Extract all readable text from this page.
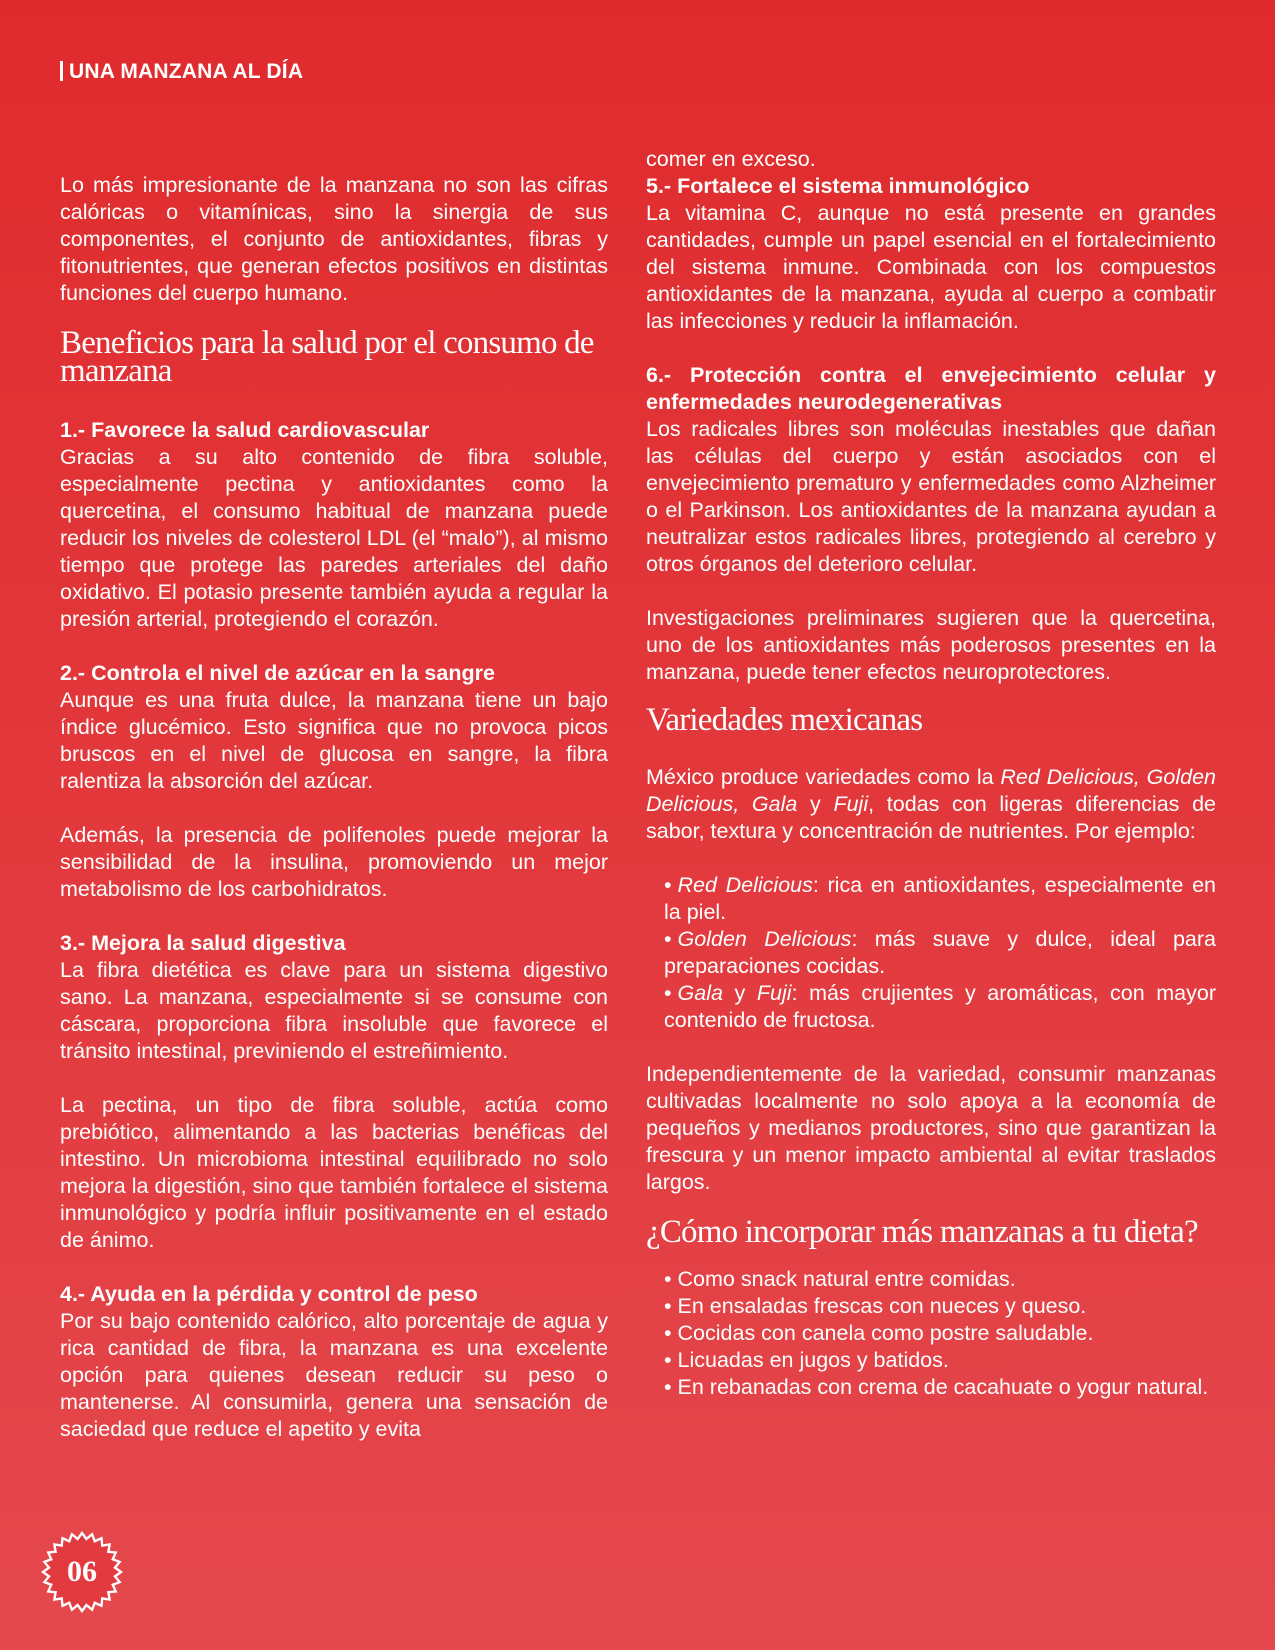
UNA MANZANA AL DÍA

Lo más impresionante de la manzana no son las cifras calóricas o vitamínicas, sino la sinergia de sus componentes, el conjunto de antioxidantes, fibras y fitonutrientes, que generan efectos positivos en distintas funciones del cuerpo humano.

Beneficios para la salud por el consumo de manzana
1.- Favorece la salud cardiovascular

Gracias a su alto contenido de fibra soluble, especialmente pectina y antioxidantes como la quercetina, el consumo habitual de manzana puede reducir los niveles de colesterol LDL (el “malo”), al mismo tiempo que protege las paredes arteriales del daño oxidativo. El potasio presente también ayuda a regular la presión arterial, protegiendo el corazón.

2.- Controla el nivel de azúcar en la sangre

Aunque es una fruta dulce, la manzana tiene un bajo índice glucémico. Esto significa que no provoca picos bruscos en el nivel de glucosa en sangre, la fibra ralentiza la absorción del azúcar.

Además, la presencia de polifenoles puede mejorar la sensibilidad de la insulina, promoviendo un mejor metabolismo de los carbohidratos.

3.- Mejora la salud digestiva

La fibra dietética es clave para un sistema digestivo sano. La manzana, especialmente si se consume con cáscara, proporciona fibra insoluble que favorece el tránsito intestinal, previniendo el estreñimiento.

La pectina, un tipo de fibra soluble, actúa como prebiótico, alimentando a las bacterias benéficas del intestino. Un microbioma intestinal equilibrado no solo mejora la digestión, sino que también fortalece el sistema inmunológico y podría influir positivamente en el estado de ánimo.

4.- Ayuda en la pérdida y control de peso

Por su bajo contenido calórico, alto porcentaje de agua y rica cantidad de fibra, la manzana es una excelente opción para quienes desean reducir su peso o mantenerse. Al consumirla, genera una sensación de saciedad que reduce el apetito y evita

comer en exceso.

5.- Fortalece el sistema inmunológico

La vitamina C, aunque no está presente en grandes cantidades, cumple un papel esencial en el fortalecimiento del sistema inmune. Combinada con los compuestos antioxidantes de la manzana, ayuda al cuerpo a combatir las infecciones y reducir la inflamación.

6.- Protección contra el envejecimiento celular y enfermedades neurodegenerativas

Los radicales libres son moléculas inestables que dañan las células del cuerpo y están asociados con el envejecimiento prematuro y enfermedades como Alzheimer o el Parkinson. Los antioxidantes de la manzana ayudan a neutralizar estos radicales libres, protegiendo al cerebro y otros órganos del deterioro celular.

Investigaciones preliminares sugieren que la quercetina, uno de los antioxidantes más poderosos presentes en la manzana, puede tener efectos neuroprotectores.

Variedades mexicanas

México produce variedades como la Red Delicious, Golden Delicious, Gala y Fuji, todas con ligeras diferencias de sabor, textura y concentración de nutrientes. Por ejemplo:

• Red Delicious: rica en antioxidantes, especialmente en la piel.
• Golden Delicious: más suave y dulce, ideal para preparaciones cocidas.
• Gala y Fuji: más crujientes y aromáticas, con mayor contenido de fructosa.

Independientemente de la variedad, consumir manzanas cultivadas localmente no solo apoya a la economía de pequeños y medianos productores, sino que garantizan la frescura y un menor impacto ambiental al evitar traslados largos.

¿Cómo incorporar más manzanas a tu dieta?
• Como snack natural entre comidas.
• En ensaladas frescas con nueces y queso.
• Cocidas con canela como postre saludable.
• Licuadas en jugos y batidos.
• En rebanadas con crema de cacahuate o yogur natural.
06
